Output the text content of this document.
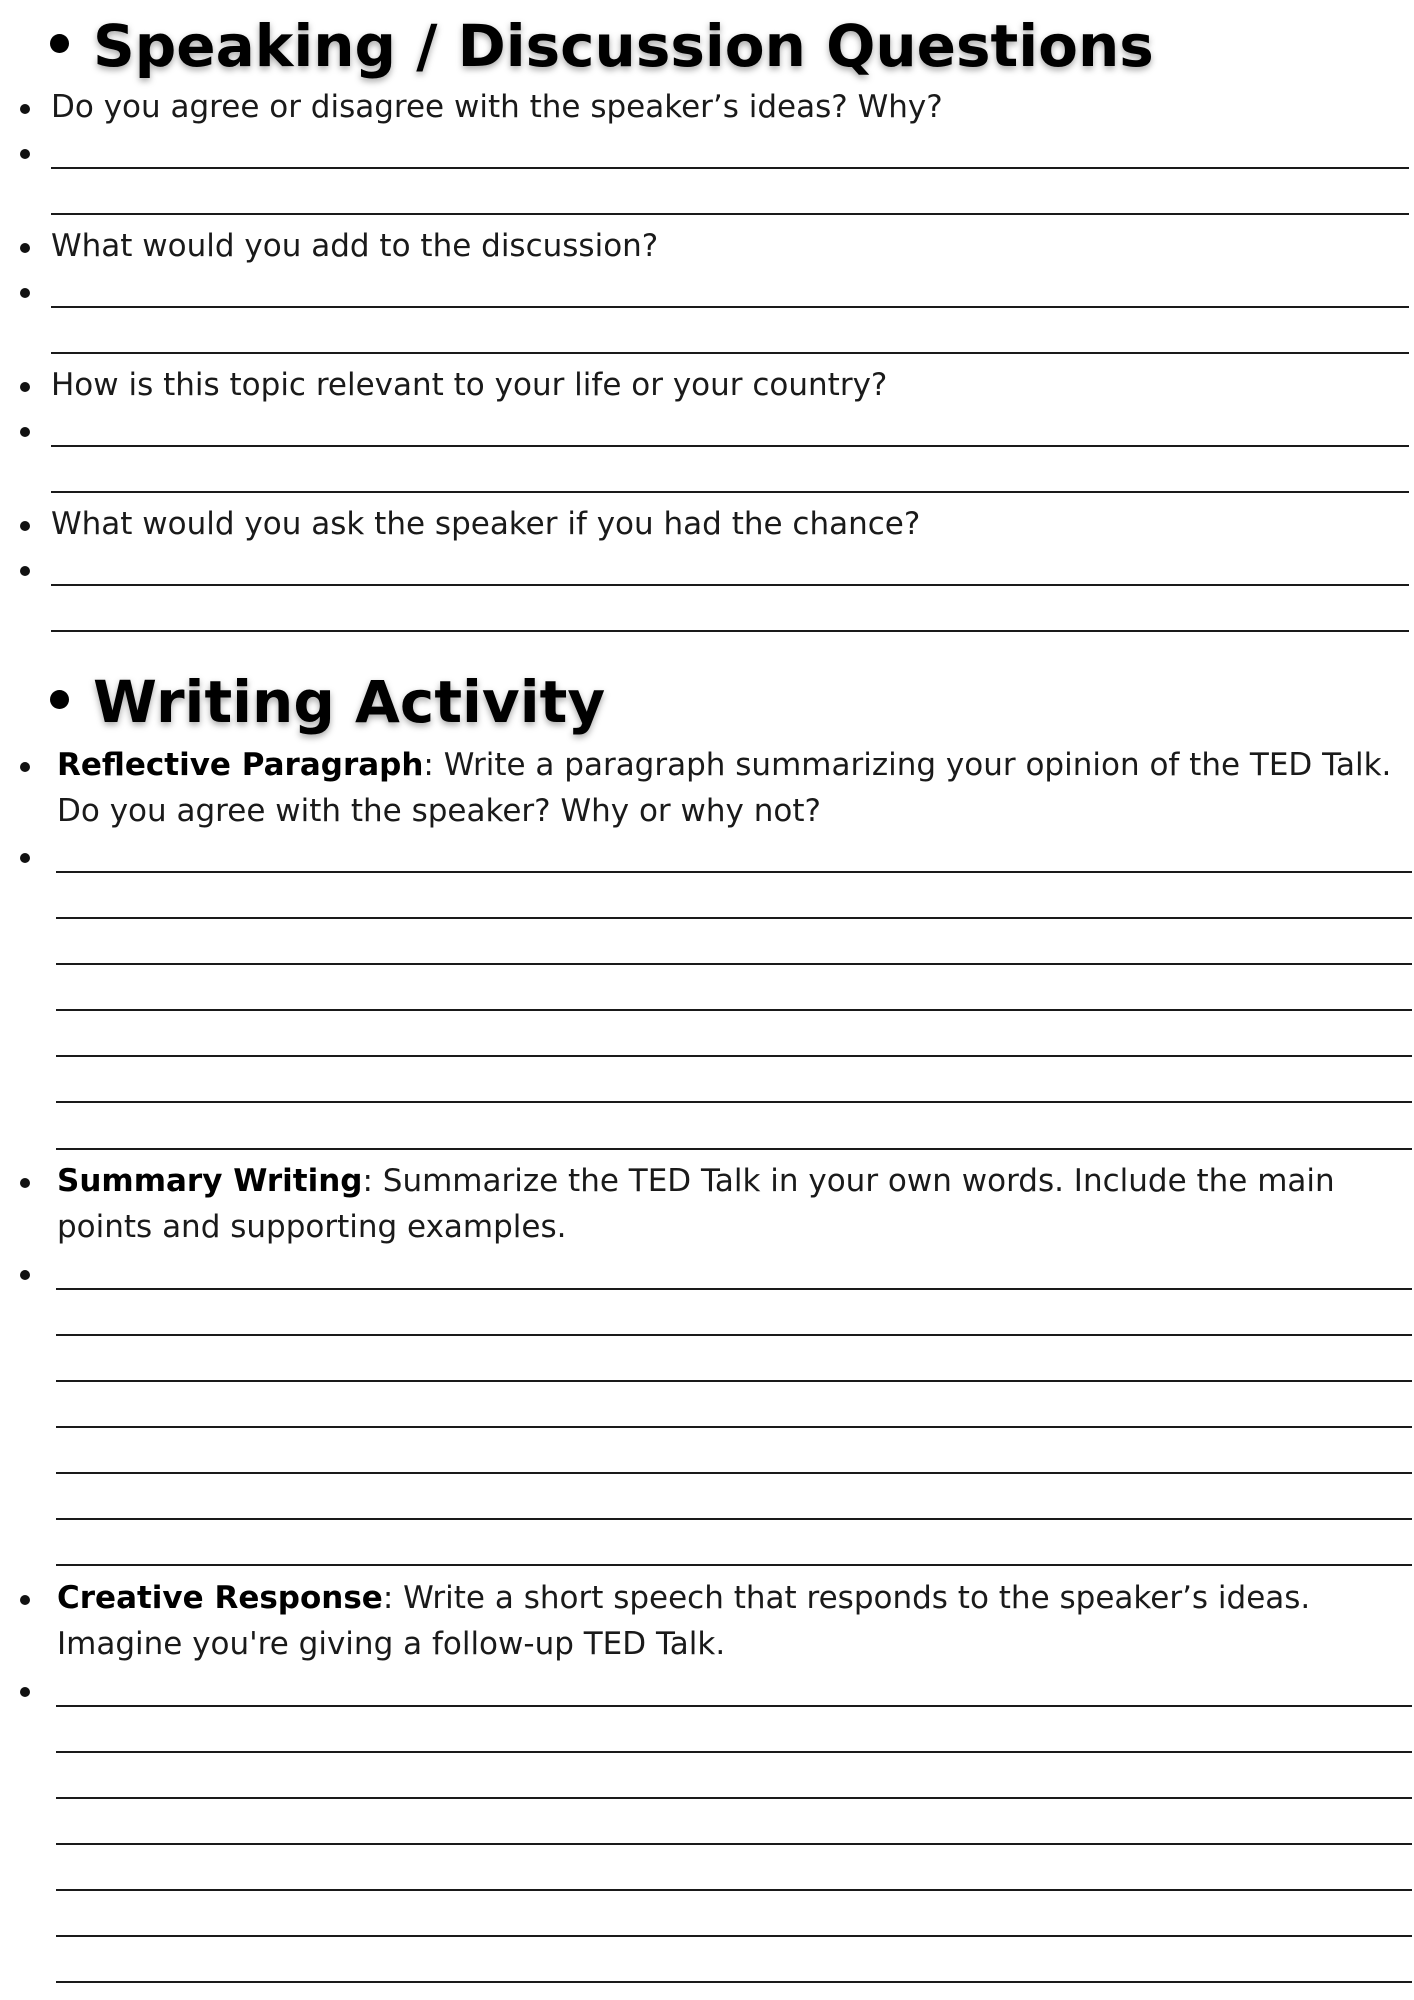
Speaking / Discussion Questions
Do you agree or disagree with the speaker’s ideas? Why?
What would you add to the discussion?
How is this topic relevant to your life or your country?
What would you ask the speaker if you had the chance?
Writing Activity
Reflective Paragraph: Write a paragraph summarizing your opinion of the TED Talk. Do you agree with the speaker? Why or why not?
Summary Writing: Summarize the TED Talk in your own words. Include the main points and supporting examples.
Creative Response: Write a short speech that responds to the speaker’s ideas. Imagine you're giving a follow-up TED Talk.
